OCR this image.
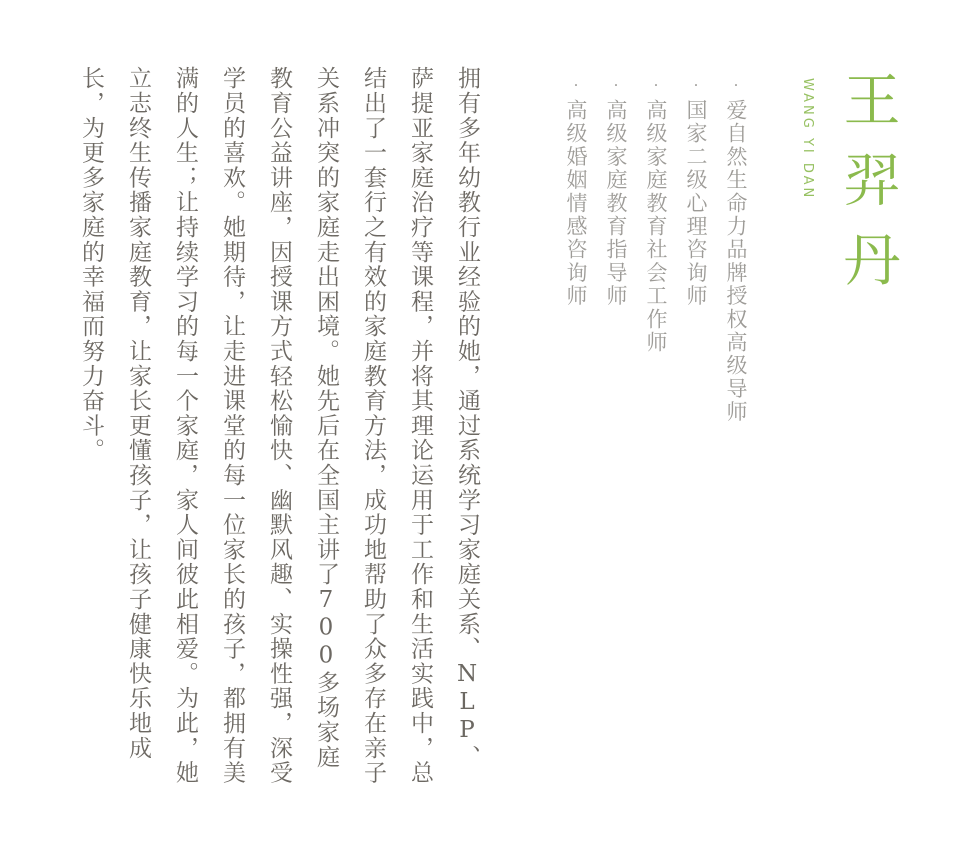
王羿丹
WANG YI DAN
·爱自然生命力品牌授权高级导师
·国家二级心理咨询师
·高级家庭教育社会工作师
·高级家庭教育指导师
·高级婚姻情感咨询师
拥有多年幼教行业经验的她，通过系统学习家庭关系、NLP、萨提亚家庭治疗等课程，并将其理论运用于工作和生活实践中，总结出了一套行之有效的家庭教育方法，成功地帮助了众多存在亲子关系冲突的家庭走出困境。她先后在全国主讲了700多场家庭教育公益讲座，因授课方式轻松愉快、幽默风趣、实操性强，深受学员的喜欢。她期待，让走进课堂的每一位家长的孩子，都拥有美满的人生；让持续学习的每一个家庭，家人间彼此相爱。为此，她立志终生传播家庭教育，让家长更懂孩子，让孩子健康快乐地成长，为更多家庭的幸福而努力奋斗。
